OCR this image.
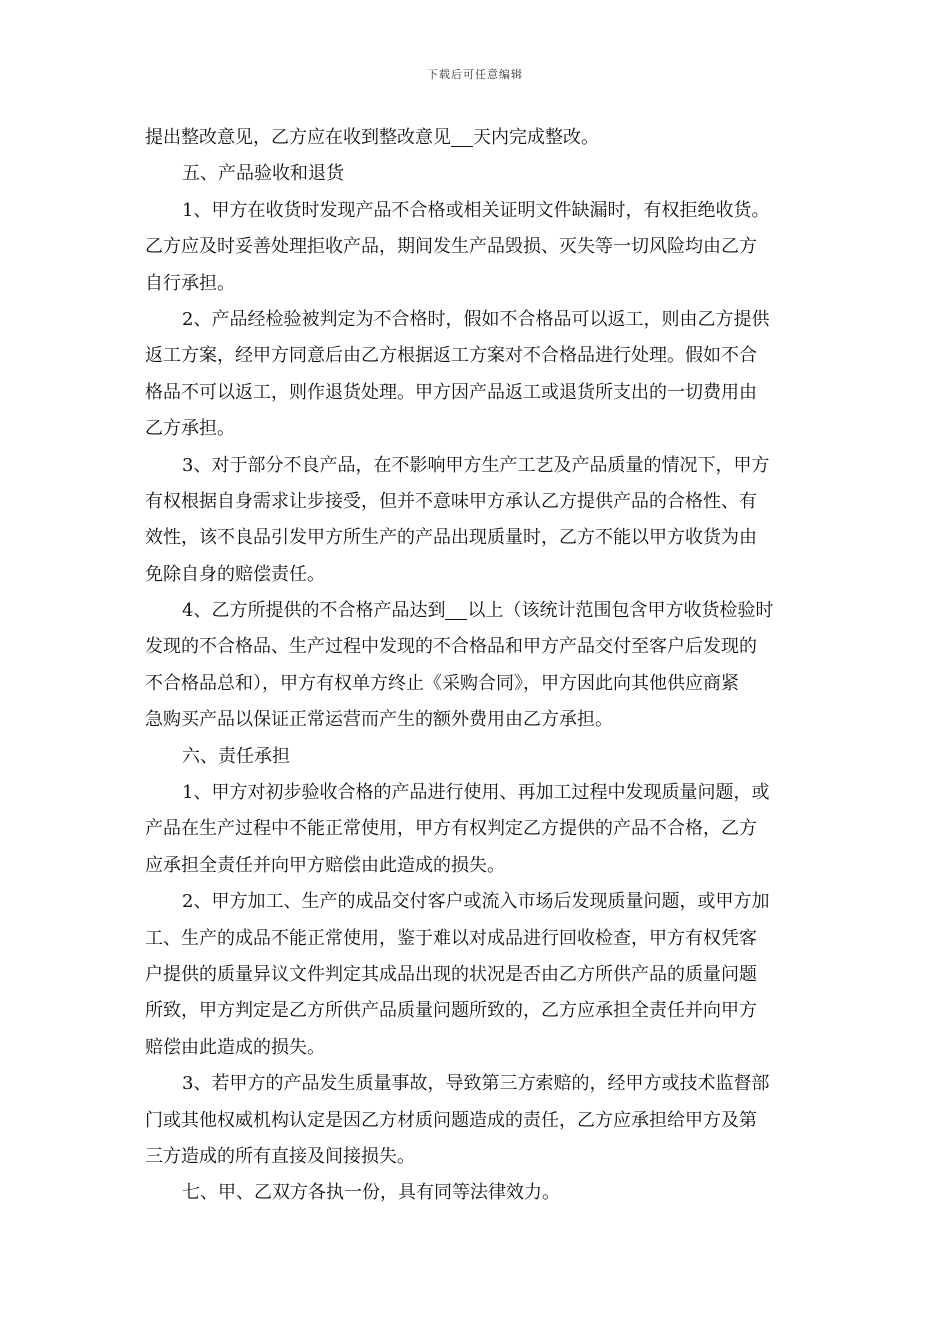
下载后可任意编辑
提出整改意见，乙方应在收到整改意见 天内完成整改。
五、产品验收和退货
1、甲方在收货时发现产品不合格或相关证明文件缺漏时，有权拒绝收货。
乙方应及时妥善处理拒收产品，期间发生产品毁损、灭失等一切风险均由乙方
自行承担。
2、产品经检验被判定为不合格时，假如不合格品可以返工，则由乙方提供
返工方案，经甲方同意后由乙方根据返工方案对不合格品进行处理。假如不合
格品不可以返工，则作退货处理。甲方因产品返工或退货所支出的一切费用由
乙方承担。
3、对于部分不良产品，在不影响甲方生产工艺及产品质量的情况下，甲方
有权根据自身需求让步接受，但并不意味甲方承认乙方提供产品的合格性、有
效性，该不良品引发甲方所生产的产品出现质量时，乙方不能以甲方收货为由
免除自身的赔偿责任。
4、乙方所提供的不合格产品达到 以上（该统计范围包含甲方收货检验时
发现的不合格品、生产过程中发现的不合格品和甲方产品交付至客户后发现的
不合格品总和），甲方有权单方终止《采购合同》，甲方因此向其他供应商紧
急购买产品以保证正常运营而产生的额外费用由乙方承担。
六、责任承担
1、甲方对初步验收合格的产品进行使用、再加工过程中发现质量问题，或
产品在生产过程中不能正常使用，甲方有权判定乙方提供的产品不合格，乙方
应承担全责任并向甲方赔偿由此造成的损失。
2、甲方加工、生产的成品交付客户或流入市场后发现质量问题，或甲方加
工、生产的成品不能正常使用，鉴于难以对成品进行回收检查，甲方有权凭客
户提供的质量异议文件判定其成品出现的状况是否由乙方所供产品的质量问题
所致，甲方判定是乙方所供产品质量问题所致的，乙方应承担全责任并向甲方
赔偿由此造成的损失。
3、若甲方的产品发生质量事故，导致第三方索赔的，经甲方或技术监督部
门或其他权威机构认定是因乙方材质问题造成的责任，乙方应承担给甲方及第
三方造成的所有直接及间接损失。
七、甲、乙双方各执一份，具有同等法律效力。
